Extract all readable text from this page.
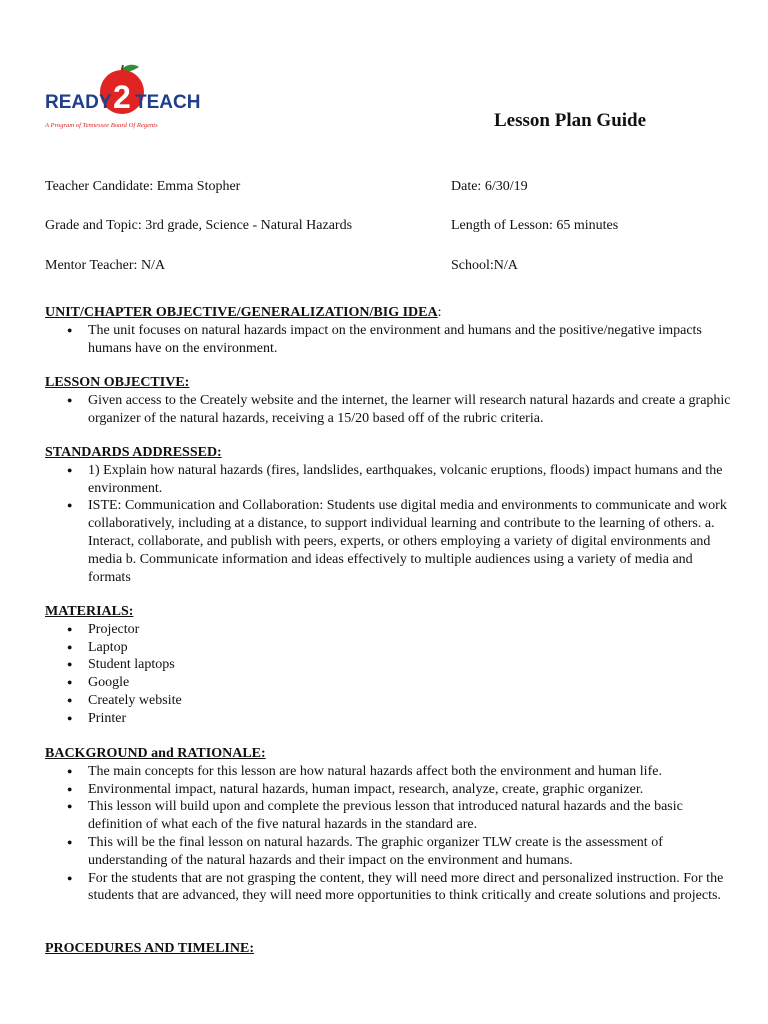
READY 2 TEACH
A Program of Tennessee Board Of Regents	Lesson Plan Guide
Teacher Candidate: Emma Stopher	Date: 6/30/19
Grade and Topic: 3rd grade, Science - Natural Hazards	Length of Lesson: 65 minutes
Mentor Teacher: N/A	School:N/A
UNIT/CHAPTER OBJECTIVE/GENERALIZATION/BIG IDEA:
● The unit focuses on natural hazards impact on the environment and humans and the positive/negative impacts humans have on the environment.
LESSON OBJECTIVE:
● Given access to the Creately website and the internet, the learner will research natural hazards and create a graphic organizer of the natural hazards, receiving a 15/20 based off of the rubric criteria.
STANDARDS ADDRESSED:
● 1) Explain how natural hazards (fires, landslides, earthquakes, volcanic eruptions, floods) impact humans and the environment.
● ISTE: Communication and Collaboration: Students use digital media and environments to communicate and work collaboratively, including at a distance, to support individual learning and contribute to the learning of others. a. Interact, collaborate, and publish with peers, experts, or others employing a variety of digital environments and media b. Communicate information and ideas effectively to multiple audiences using a variety of media and formats
MATERIALS:
● Projector
● Laptop
● Student laptops
● Google
● Creately website
● Printer
BACKGROUND and RATIONALE:
● The main concepts for this lesson are how natural hazards affect both the environment and human life.
● Environmental impact, natural hazards, human impact, research, analyze, create, graphic organizer.
● This lesson will build upon and complete the previous lesson that introduced natural hazards and the basic definition of what each of the five natural hazards in the standard are.
● This will be the final lesson on natural hazards. The graphic organizer TLW create is the assessment of understanding of the natural hazards and their impact on the environment and humans.
● For the students that are not grasping the content, they will need more direct and personalized instruction. For the students that are advanced, they will need more opportunities to think critically and create solutions and projects.
PROCEDURES AND TIMELINE:
